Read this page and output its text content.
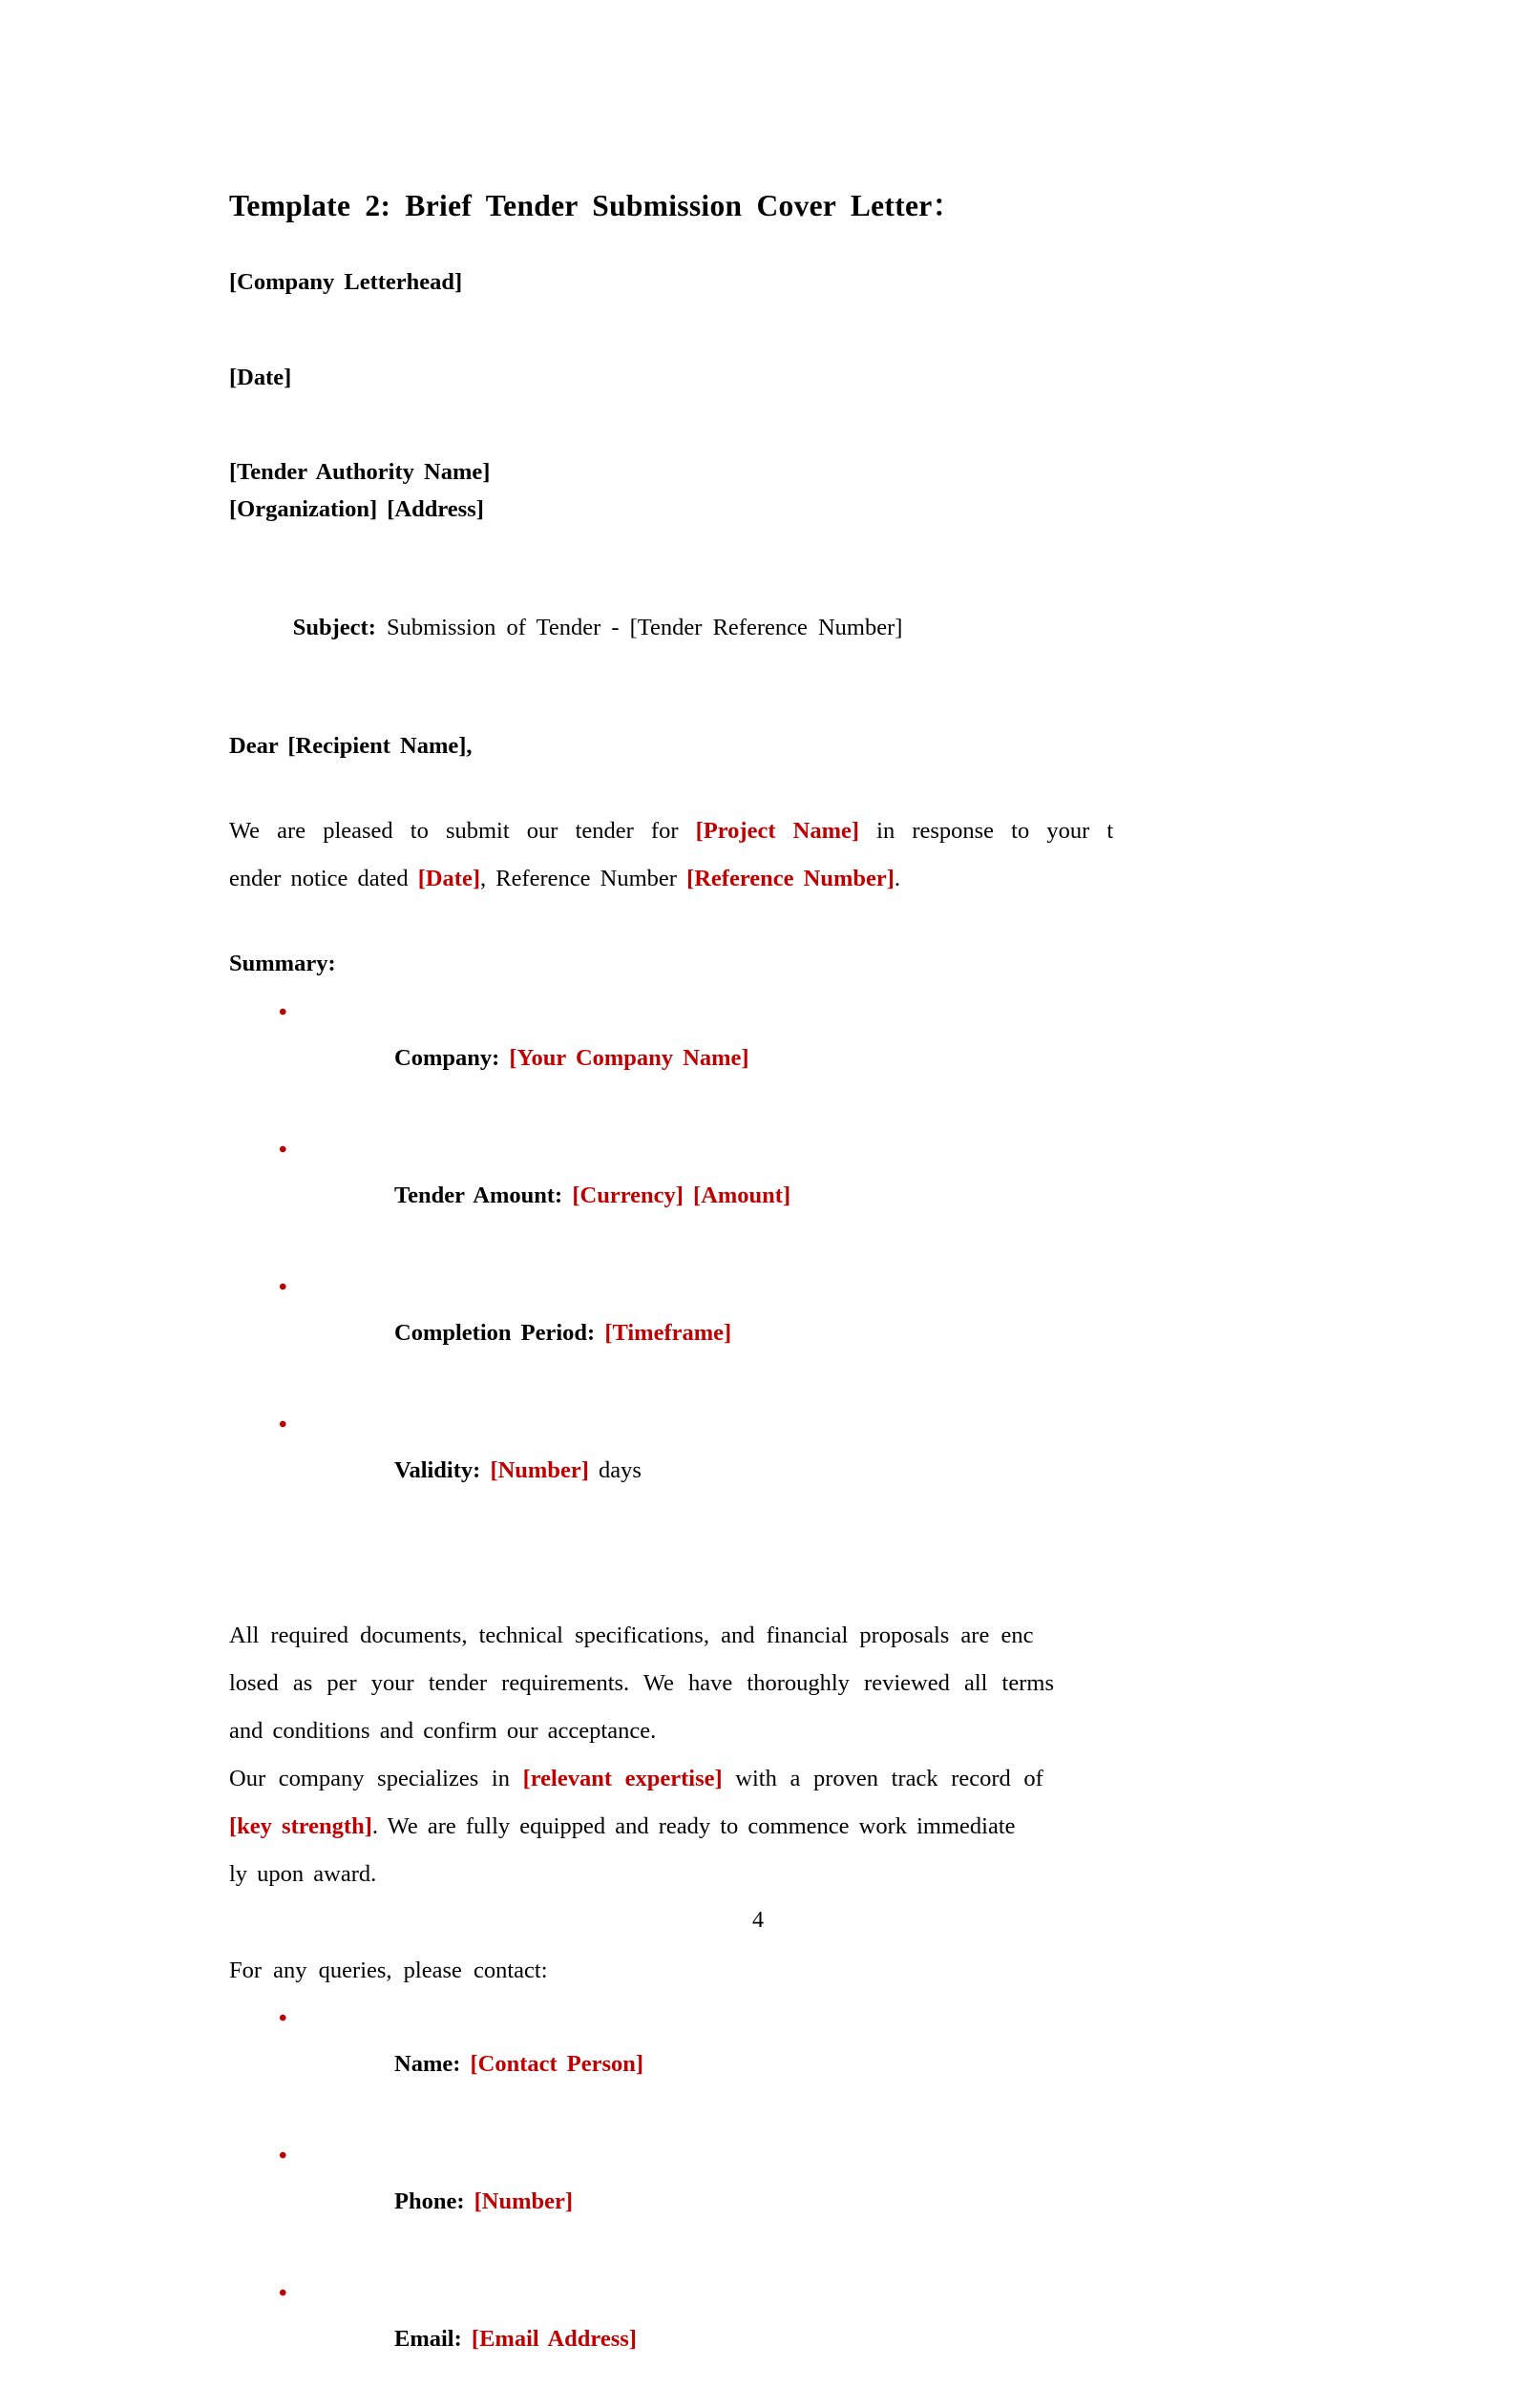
Template 2: Brief Tender Submission Cover Letter：

[Company Letterhead]

[Date]

[Tender Authority Name]

[Organization] [Address]

Subject: Submission of Tender - [Tender Reference Number]

Dear [Recipient Name],

We are pleased to submit our tender for [Project Name] in response to your t
ender notice dated [Date], Reference Number [Reference Number].

Summary:

•
Company: [Your Company Name]

•
Tender Amount: [Currency] [Amount]

•
Completion Period: [Timeframe]

•
Validity: [Number] days

All required documents, technical specifications, and financial proposals are enc
losed as per your tender requirements. We have thoroughly reviewed all terms
and conditions and confirm our acceptance.
Our company specializes in [relevant expertise] with a proven track record of
[key strength]. We are fully equipped and ready to commence work immediate
ly upon award.

For any queries, please contact:

•
Name: [Contact Person]

•
Phone: [Number]

•
Email: [Email Address]

4
